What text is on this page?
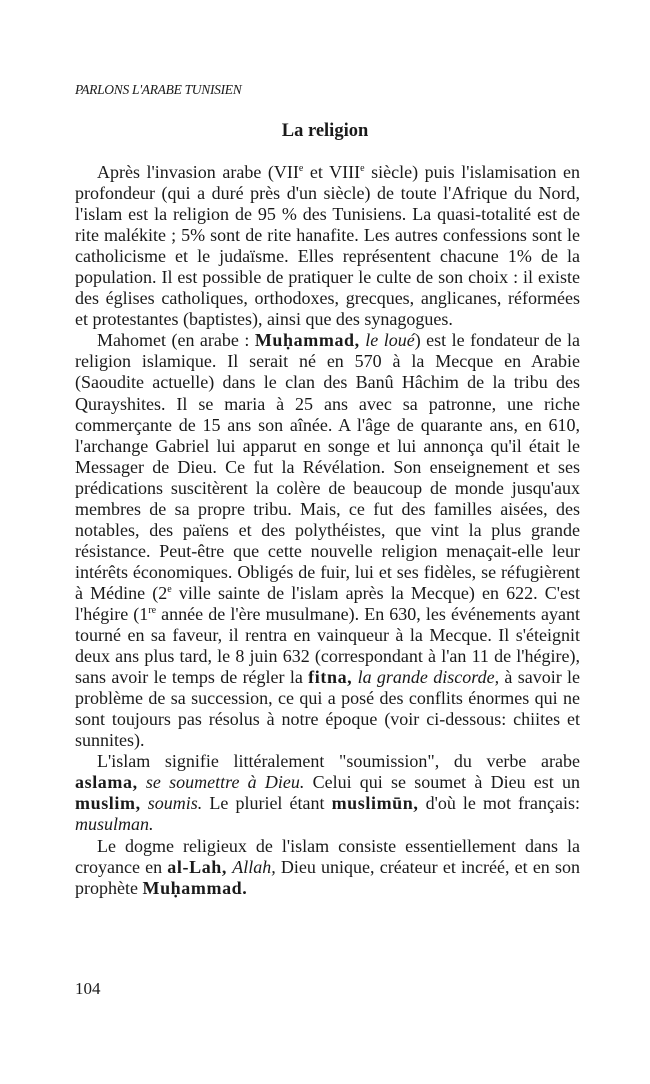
PARLONS L'ARABE TUNISIEN
La religion

Après l'invasion arabe (VIIe et VIIIe siècle) puis l'islamisation en profondeur (qui a duré près d'un siècle) de toute l'Afrique du Nord, l'islam est la religion de 95 % des Tunisiens. La quasi-totalité est de rite malékite ; 5% sont de rite hanafite. Les autres confessions sont le catholicisme et le judaïsme. Elles représentent chacune 1% de la population. Il est possible de pratiquer le culte de son choix : il existe des églises catholiques, orthodoxes, grecques, anglicanes, réformées et protestantes (baptistes), ainsi que des synagogues.

Mahomet (en arabe : Muḥammad, le loué) est le fondateur de la religion islamique. Il serait né en 570 à la Mecque en Arabie (Saoudite actuelle) dans le clan des Banû Hâchim de la tribu des Qurayshites. Il se maria à 25 ans avec sa patronne, une riche commerçante de 15 ans son aînée. A l'âge de quarante ans, en 610, l'archange Gabriel lui apparut en songe et lui annonça qu'il était le Messager de Dieu. Ce fut la Révélation. Son enseignement et ses prédications suscitèrent la colère de beaucoup de monde jusqu'aux membres de sa propre tribu. Mais, ce fut des familles aisées, des notables, des païens et des polythéistes, que vint la plus grande résistance. Peut-être que cette nouvelle religion menaçait-elle leur intérêts économiques. Obligés de fuir, lui et ses fidèles, se réfugièrent à Médine (2e ville sainte de l'islam après la Mecque) en 622. C'est l'hégire (1re année de l'ère musulmane). En 630, les événements ayant tourné en sa faveur, il rentra en vainqueur à la Mecque. Il s'éteignit deux ans plus tard, le 8 juin 632 (correspondant à l'an 11 de l'hégire), sans avoir le temps de régler la fitna, la grande discorde, à savoir le problème de sa succession, ce qui a posé des conflits énormes qui ne sont toujours pas résolus à notre époque (voir ci-dessous: chiites et sunnites).

L'islam signifie littéralement "soumission", du verbe arabe aslama, se soumettre à Dieu. Celui qui se soumet à Dieu est un muslim, soumis. Le pluriel étant muslimūn, d'où le mot français: musulman.

Le dogme religieux de l'islam consiste essentiellement dans la croyance en al-Lah, Allah, Dieu unique, créateur et incréé, et en son prophète Muḥammad.

104
